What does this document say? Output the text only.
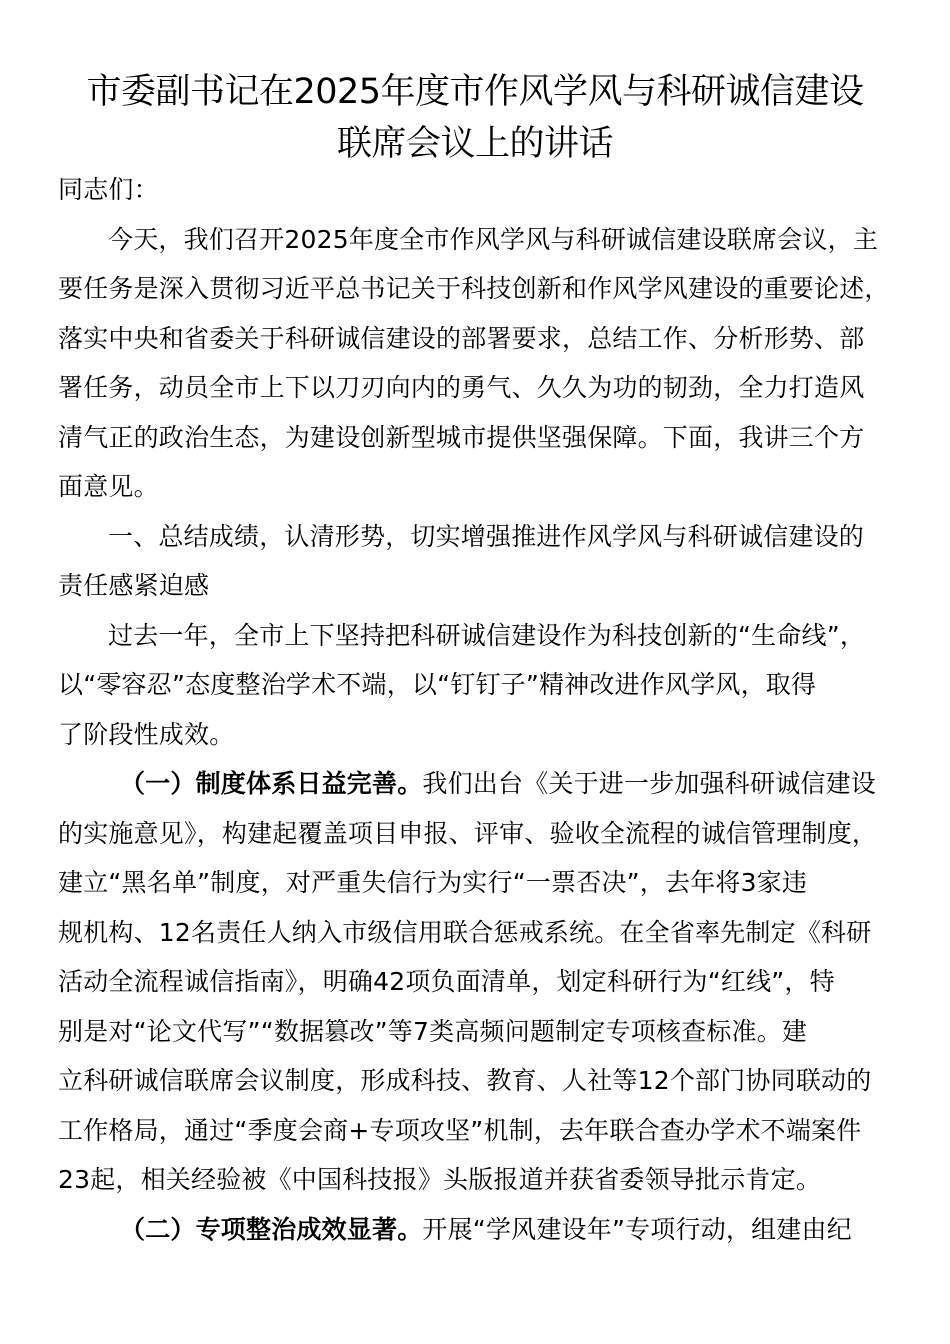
市委副书记在2025年度市作风学风与科研诚信建设
联席会议上的讲话
同志们：
今天，我们召开2025年度全市作风学风与科研诚信建设联席会议，主
要任务是深入贯彻习近平总书记关于科技创新和作风学风建设的重要论述，
落实中央和省委关于科研诚信建设的部署要求，总结工作、分析形势、部
署任务，动员全市上下以刀刃向内的勇气、久久为功的韧劲，全力打造风
清气正的政治生态，为建设创新型城市提供坚强保障。下面，我讲三个方
面意见。
一、总结成绩，认清形势，切实增强推进作风学风与科研诚信建设的
责任感紧迫感
过去一年，全市上下坚持把科研诚信建设作为科技创新的“生命线”，
以“零容忍”态度整治学术不端，以“钉钉子”精神改进作风学风，取得
了阶段性成效。
（一）制度体系日益完善。我们出台《关于进一步加强科研诚信建设
的实施意见》，构建起覆盖项目申报、评审、验收全流程的诚信管理制度，
建立“黑名单”制度，对严重失信行为实行“一票否决”，去年将3家违
规机构、12名责任人纳入市级信用联合惩戒系统。在全省率先制定《科研
活动全流程诚信指南》，明确42项负面清单，划定科研行为“红线”，特
别是对“论文代写”“数据篡改”等7类高频问题制定专项核查标准。建
立科研诚信联席会议制度，形成科技、教育、人社等12个部门协同联动的
工作格局，通过“季度会商+专项攻坚”机制，去年联合查办学术不端案件
23起，相关经验被《中国科技报》头版报道并获省委领导批示肯定。
（二）专项整治成效显著。开展“学风建设年”专项行动，组建由纪
